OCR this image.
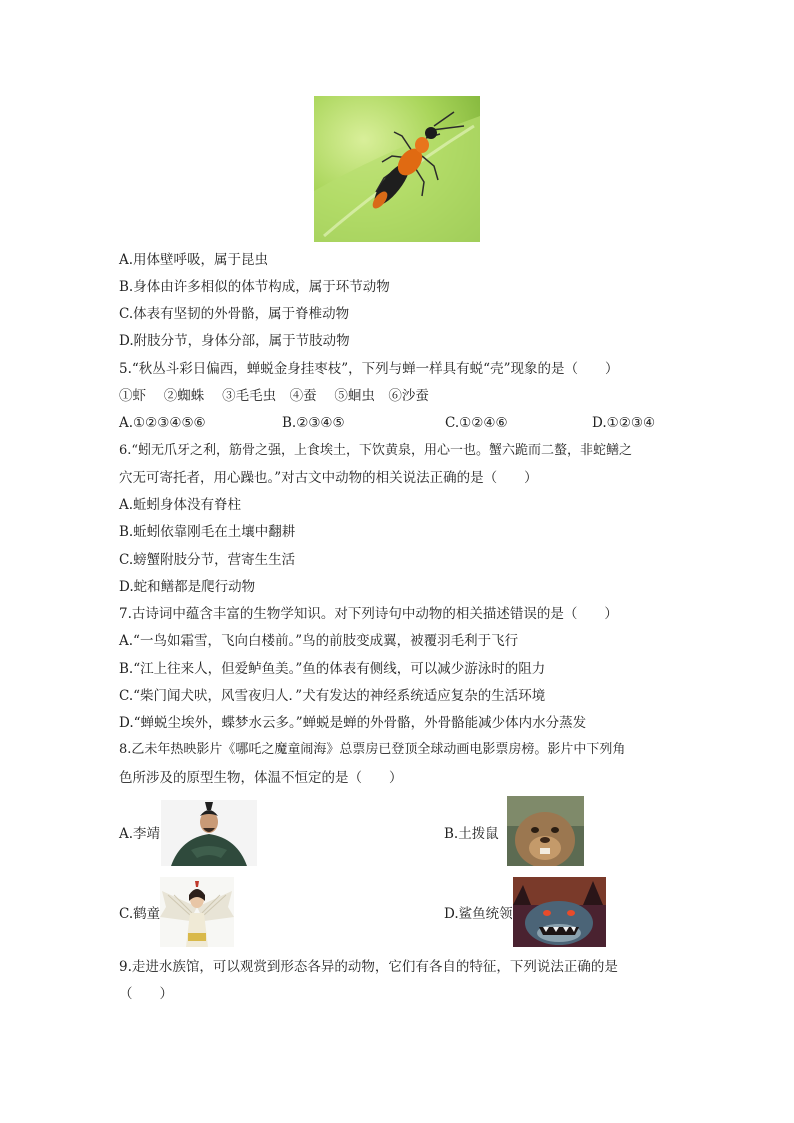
A.用体壁呼吸，属于昆虫
B.身体由许多相似的体节构成，属于环节动物
C.体表有坚韧的外骨骼，属于脊椎动物
D.附肢分节，身体分部，属于节肢动物
5.“秋丛斗彩日偏西，蝉蜕金身挂枣枝”，下列与蝉一样具有蜕“壳”现象的是（　　）
①虾　 ②蜘蛛　 ③毛毛虫　④蚕　 ⑤蛔虫　⑥沙蚕
A.①②③④⑤⑥	B.②③④⑤	C.①②④⑥	D.①②③④
6.“蚓无爪牙之利，筋骨之强，上食埃土，下饮黄泉，用心一也。蟹六跪而二螯，非蛇鳝之
穴无可寄托者，用心躁也。”对古文中动物的相关说法正确的是（　　）
A.蚯蚓身体没有脊柱
B.蚯蚓依靠刚毛在土壤中翻耕
C.螃蟹附肢分节，营寄生生活
D.蛇和鳝都是爬行动物
7.古诗词中蕴含丰富的生物学知识。对下列诗句中动物的相关描述错误的是（　　）
A.“一鸟如霜雪，飞向白楼前。”鸟的前肢变成翼，被覆羽毛利于飞行
B.“江上往来人，但爱鲈鱼美。”鱼的体表有侧线，可以减少游泳时的阻力
C.“柴门闻犬吠，风雪夜归人．”犬有发达的神经系统适应复杂的生活环境
D.“蝉蜕尘埃外，蝶梦水云多。”蝉蜕是蝉的外骨骼，外骨骼能减少体内水分蒸发
8.乙未年热映影片《哪吒之魔童闹海》总票房已登顶全球动画电影票房榜。影片中下列角
色所涉及的原型生物，体温不恒定的是（　　）
A.李靖	B.土拨鼠
C.鹤童	D.鲨鱼统领
9.走进水族馆，可以观赏到形态各异的动物，它们有各自的特征，下列说法正确的是
（　　）
